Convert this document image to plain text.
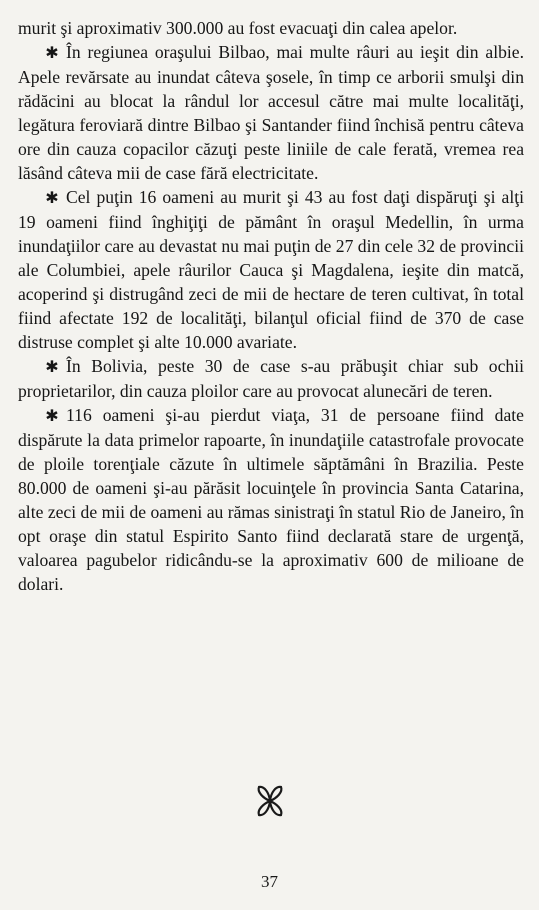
murit şi aproximativ 300.000 au fost evacuaţi din calea apelor.

✱ În regiunea oraşului Bilbao, mai multe râuri au ieşit din albie. Apele revărsate au inundat câteva şosele, în timp ce arborii smulşi din rădăcini au blocat la rândul lor accesul către mai multe localităţi, legătura feroviară dintre Bilbao şi Santander fiind închisă pentru câteva ore din cauza copacilor căzuţi peste liniile de cale ferată, vremea rea lăsând câteva mii de case fără electricitate.

✱ Cel puţin 16 oameni au murit şi 43 au fost daţi dispăruţi şi alţi 19 oameni fiind înghiţiţi de pământ în oraşul Medellin, în urma inundaţiilor care au devastat nu mai puţin de 27 din cele 32 de provincii ale Columbiei, apele râurilor Cauca şi Magdalena, ieşite din matcă, acoperind şi distrugând zeci de mii de hectare de teren cultivat, în total fiind afectate 192 de localităţi, bilanţul oficial fiind de 370 de case distruse complet şi alte 10.000 avariate.

✱ În Bolivia, peste 30 de case s-au prăbuşit chiar sub ochii proprietarilor, din cauza ploilor care au provocat alunecări de teren.

✱ 116 oameni şi-au pierdut viaţa, 31 de persoane fiind date dispărute la data primelor rapoarte, în inundaţiile catastrofale provocate de ploile torenţiale căzute în ultimele săptămâni în Brazilia. Peste 80.000 de oameni şi-au părăsit locuinţele în provincia Santa Catarina, alte zeci de mii de oameni au rămas sinistraţi în statul Rio de Janeiro, în opt oraşe din statul Espirito Santo fiind declarată stare de urgenţă, valoarea pagubelor ridicându-se la aproximativ 600 de milioane de dolari.

37
